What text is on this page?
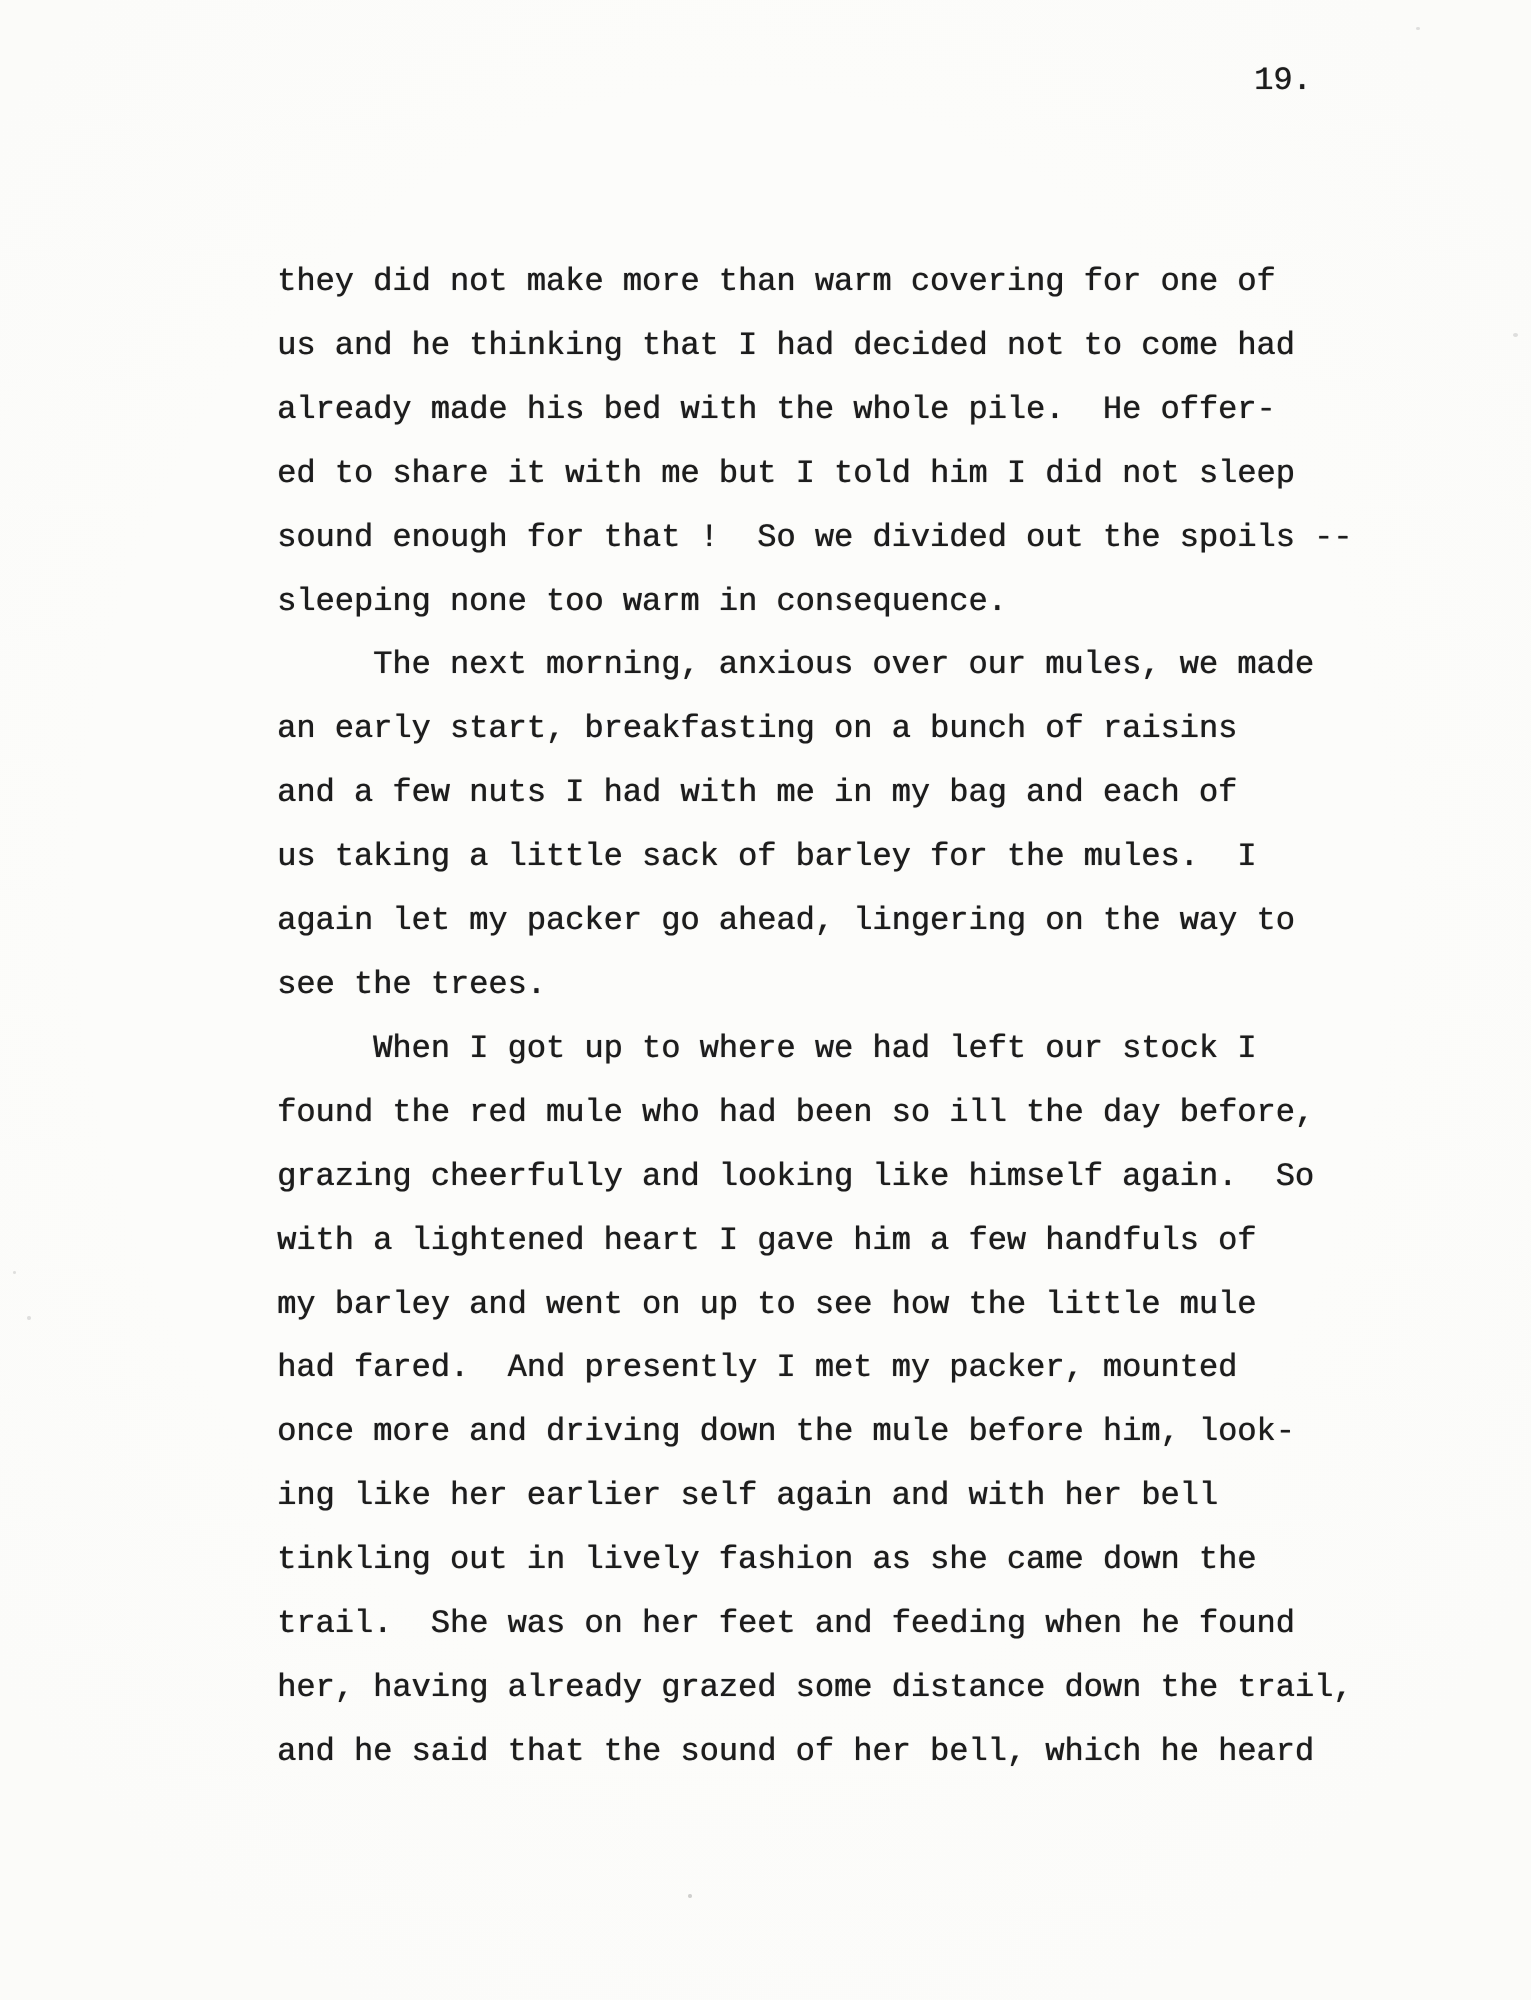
19.
they did not make more than warm covering for one of
us and he thinking that I had decided not to come had
already made his bed with the whole pile.  He offer-
ed to share it with me but I told him I did not sleep
sound enough for that !  So we divided out the spoils --
sleeping none too warm in consequence.
The next morning, anxious over our mules, we made
an early start, breakfasting on a bunch of raisins
and a few nuts I had with me in my bag and each of
us taking a little sack of barley for the mules.  I
again let my packer go ahead, lingering on the way to
see the trees.
When I got up to where we had left our stock I
found the red mule who had been so ill the day before,
grazing cheerfully and looking like himself again.  So
with a lightened heart I gave him a few handfuls of
my barley and went on up to see how the little mule
had fared.  And presently I met my packer, mounted
once more and driving down the mule before him, look-
ing like her earlier self again and with her bell
tinkling out in lively fashion as she came down the
trail.  She was on her feet and feeding when he found
her, having already grazed some distance down the trail,
and he said that the sound of her bell, which he heard
